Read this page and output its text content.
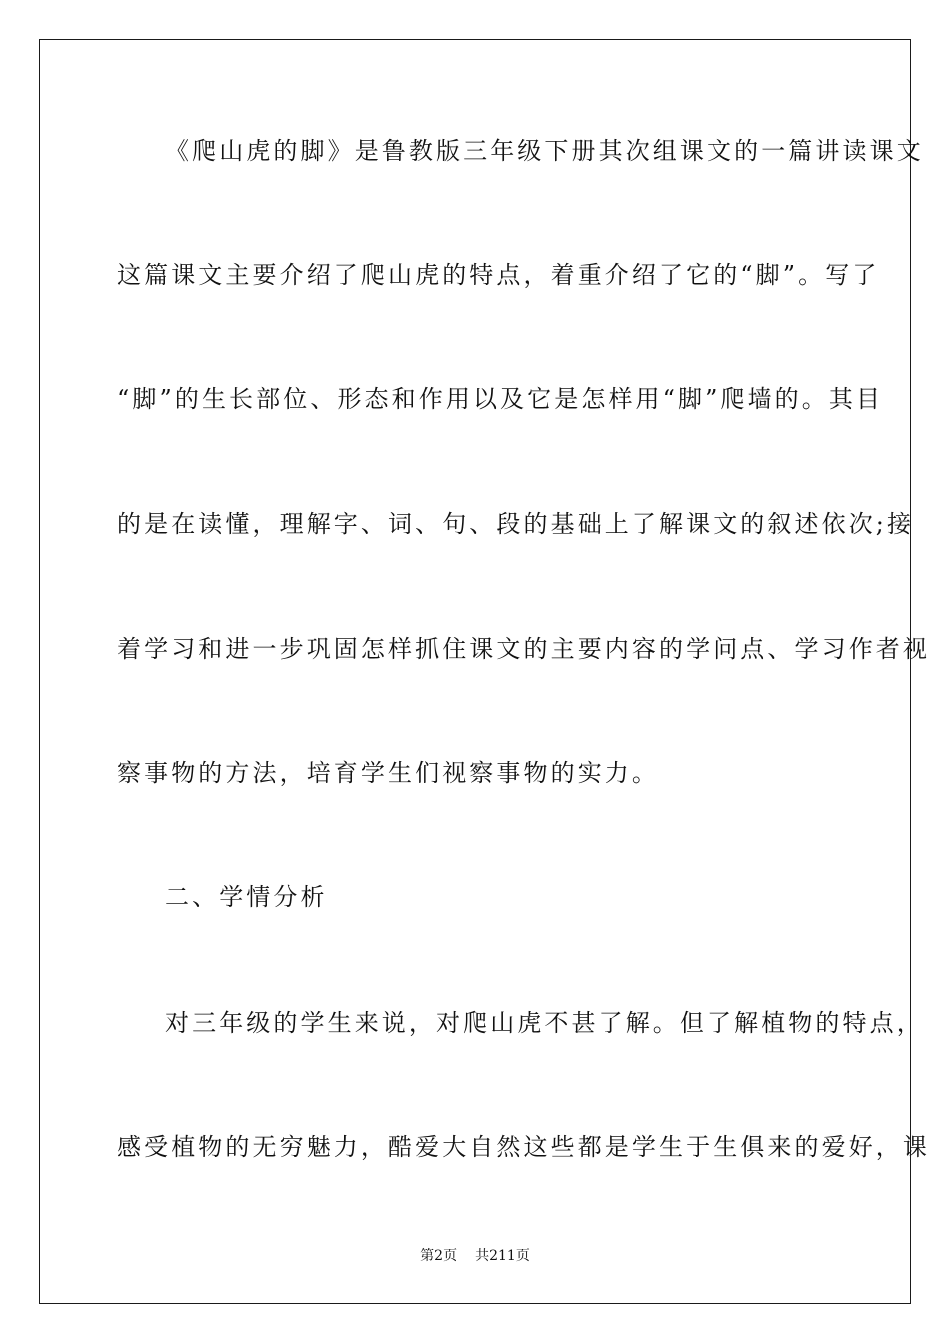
《爬山虎的脚》是鲁教版三年级下册其次组课文的一篇讲读课文
这篇课文主要介绍了爬山虎的特点，着重介绍了它的“脚”。写了
“脚”的生长部位、形态和作用以及它是怎样用“脚”爬墙的。其目
的是在读懂，理解字、词、句、段的基础上了解课文的叙述依次;接
着学习和进一步巩固怎样抓住课文的主要内容的学问点、学习作者视
察事物的方法，培育学生们视察事物的实力。
二、学情分析
对三年级的学生来说，对爬山虎不甚了解。但了解植物的特点，
感受植物的无穷魅力，酷爱大自然这些都是学生于生俱来的爱好，课
第2页 共211页
